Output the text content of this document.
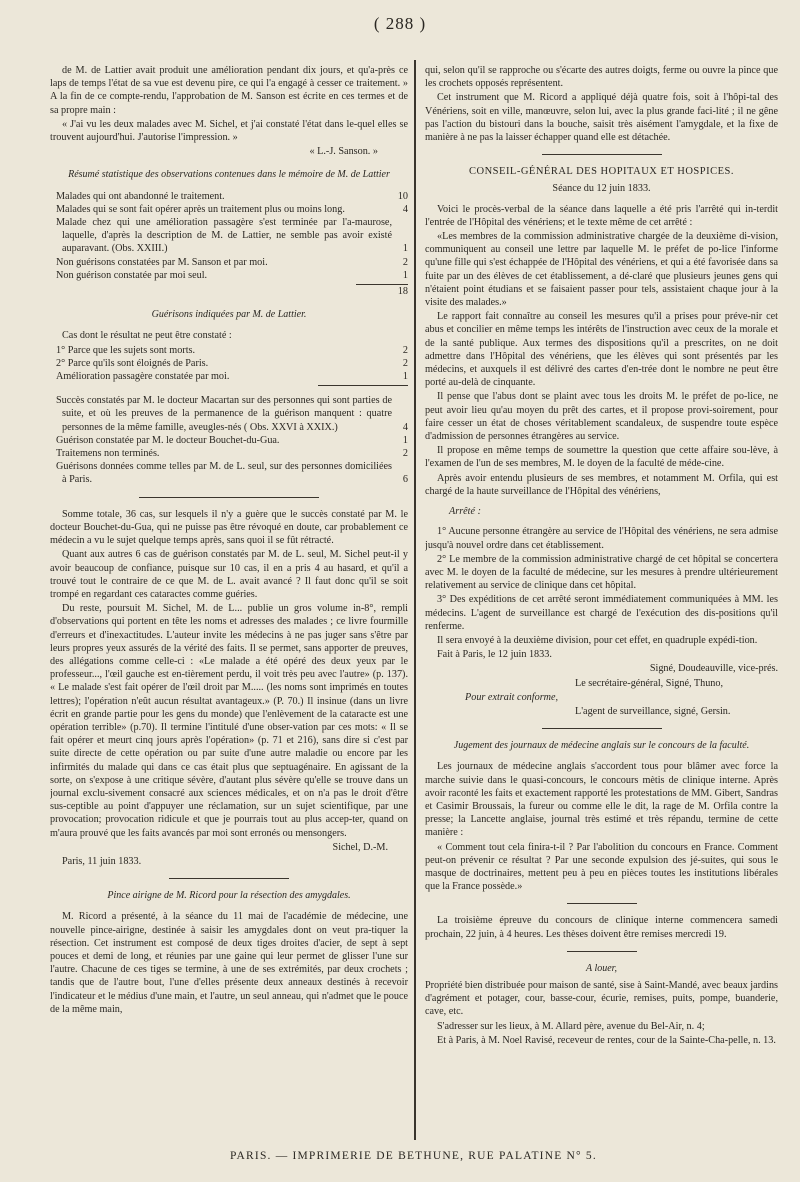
( 288 )

de M. de Lattier avait produit une amélioration pendant dix jours, et qu'a-près ce laps de temps l'état de sa vue est devenu pire, ce qui l'a engagé à cesser ce traitement. » A la fin de ce compte-rendu, l'approbation de M. Sanson est écrite en ces termes et de sa propre main :

« J'ai vu les deux malades avec M. Sichel, et j'ai constaté l'état dans le-quel elles se trouvent aujourd'hui. J'autorise l'impression. »

« L.-J. Sanson. »

Résumé statistique des observations contenues dans le mémoire de M. de Lattier
Malades qui ont abandonné le traitement.	10
Malades qui se sont fait opérer après un traitement plus ou moins long.	4
Malade chez qui une amélioration passagère s'est terminée par l'a-maurose, laquelle, d'après la description de M. de Lattier, ne semble pas avoir existé auparavant. (Obs. XXIII.)	1
Non guérisons constatées par M. Sanson et par moi.	2
Non guérison constatée par moi seul.	1
18
Guérisons indiquées par M. de Lattier.

Cas dont le résultat ne peut être constaté :

1° Parce que les sujets sont morts.	2
2° Parce qu'ils sont éloignés de Paris.	2
Amélioration passagère constatée par moi.	1
Succès constatés par M. le docteur Macartan sur des personnes qui sont parties de suite, et où les preuves de la permanence de la guérison manquent : quatre personnes de la même famille, aveugles-nés ( Obs. XXVI à XXIX.)	4
Guérison constatée par M. le docteur Bouchet-du-Gua.	1
Traitemens non terminés.	2
Guérisons données comme telles par M. de L. seul, sur des personnes domiciliées à Paris.	6

Somme totale, 36 cas, sur lesquels il n'y a guère que le succès constaté par M. le docteur Bouchet-du-Gua, qui ne puisse pas être révoqué en doute, car probablement ce médecin a vu le sujet quelque temps après, sans quoi il se fût rétracté.

Quant aux autres 6 cas de guérison constatés par M. de L. seul, M. Sichel peut-il y avoir beaucoup de confiance, puisque sur 10 cas, il en a pris 4 au hasard, et qu'il a trouvé tout le contraire de ce que M. de L. avait avancé ? Il faut donc qu'il se soit trompé en regardant ces cataractes comme guéries.

Du reste, poursuit M. Sichel, M. de L... publie un gros volume in-8°, rempli d'observations qui portent en tête les noms et adresses des malades ; ce livre fourmille d'erreurs et d'inexactitudes. L'auteur invite les médecins à ne pas juger sans s'être par leurs propres yeux assurés de la vérité des faits. Il se permet, sans apporter de preuves, des allégations comme celle-ci : «Le malade a été opéré des deux yeux par le professeur..., l'œil gauche est en-tièrement perdu, il voit très peu avec l'autre» (p. 137). « Le malade s'est fait opérer de l'œil droit par M..... (les noms sont imprimés en toutes lettres); l'opération n'eût aucun résultat avantageux.» (P. 70.) Il insinue (dans un livre écrit en grande partie pour les gens du monde) que l'enlèvement de la cataracte est une opération terrible» (p.70). Il termine l'intitulé d'une obser-vation par ces mots: « Il se fait opérer et meurt cinq jours après l'opération» (p. 71 et 216), sans dire si c'est par suite directe de cette opération ou par suite d'une autre maladie ou encore par les infirmités du malade qui dans ce cas était plus que septuagénaire. En agissant de la sorte, on s'expose à une critique sévère, d'autant plus sévère qu'elle se trouve dans un journal exclu-sivement consacré aux sciences médicales, et on n'a pas le droit d'être sus-ceptible au point d'appuyer une réclamation, sur un sujet scientifique, par une provocation; provocation ridicule et que je pourrais tout au plus accep-ter, quand on m'aura prouvé que les faits avancés par moi sont erronés ou mensongers.

Sichel, D.-M.

Paris, 11 juin 1833.

Pince airigne de M. Ricord pour la résection des amygdales.

M. Ricord a présenté, à la séance du 11 mai de l'académie de médecine, une nouvelle pince-airigne, destinée à saisir les amygdales dont on veut pra-tiquer la résection. Cet instrument est composé de deux tiges droites d'acier, de sept à sept pouces et demi de long, et réunies par une gaine qui leur permet de glisser l'une sur l'autre. Chacune de ces tiges se termine, à une de ses extrémités, par deux crochets ; tandis que de l'autre bout, l'une d'elles présente deux anneaux destinés à recevoir l'indicateur et le médius d'une main, et l'autre, un seul anneau, qui n'admet que le pouce de la même main,

qui, selon qu'il se rapproche ou s'écarte des autres doigts, ferme ou ouvre la pince que les crochets opposés représentent.

Cet instrument que M. Ricord a appliqué déjà quatre fois, soit à l'hôpi-tal des Vénériens, soit en ville, manœuvre, selon lui, avec la plus grande faci-lité ; il ne gêne pas l'action du bistouri dans la bouche, saisit très aisément l'amygdale, et la fixe de manière à ne pas la laisser échapper quand elle est détachée.

CONSEIL-GÉNÉRAL DES HOPITAUX ET HOSPICES.

Séance du 12 juin 1833.

Voici le procès-verbal de la séance dans laquelle a été pris l'arrêté qui in-terdit l'entrée de l'Hôpital des vénériens; et le texte même de cet arrêté :

«Les membres de la commission administrative chargée de la deuxième di-vision, communiquent au conseil une lettre par laquelle M. le préfet de po-lice l'informe qu'une fille qui s'est échappée de l'Hôpital des vénériens, et qui a été favorisée dans sa fuite par un des élèves de cet établissement, a dé-claré que plusieurs jeunes gens qui n'étaient point étudians et se faisaient passer pour tels, assistaient chaque jour à la visite des malades.»

Le rapport fait connaître au conseil les mesures qu'il a prises pour préve-nir cet abus et concilier en même temps les intérêts de l'instruction avec ceux de la morale et de la santé publique. Aux termes des dispositions qu'il a prescrites, on ne doit admettre dans l'Hôpital des vénériens, que les élèves qui sont présentés par les médecins, et auxquels il est délivré des cartes d'en-trée dont le nombre ne peut être porté au-delà de cinquante.

Il pense que l'abus dont se plaint avec tous les droits M. le préfet de po-lice, ne peut avoir lieu qu'au moyen du prêt des cartes, et il propose provi-soirement, pour faire cesser un état de choses véritablement scandaleux, de suspendre toute espèce d'admission de personnes étrangères au service.

Il propose en même temps de soumettre la question que cette affaire sou-lève, à l'examen de l'un de ses membres, M. le doyen de la faculté de méde-cine.

Après avoir entendu plusieurs de ses membres, et notamment M. Orfila, qui est chargé de la haute surveillance de l'Hôpital des vénériens,

Arrêté :

1° Aucune personne étrangère au service de l'Hôpital des vénériens, ne sera admise jusqu'à nouvel ordre dans cet établissement.

2° Le membre de la commission administrative chargé de cet hôpital se concertera avec M. le doyen de la faculté de médecine, sur les mesures à prendre ultérieurement relativement au service de clinique dans cet hôpital.

3° Des expéditions de cet arrêté seront immédiatement communiquées à MM. les médecins. L'agent de surveillance est chargé de l'exécution des dis-positions qu'il renferme.

Il sera envoyé à la deuxième division, pour cet effet, en quadruple expédi-tion.

Fait à Paris, le 12 juin 1833.

Signé, Doudeauville, vice-prés.

Le secrétaire-général, Signé, Thuno,

Pour extrait conforme,

L'agent de surveillance, signé, Gersin.

Jugement des journaux de médecine anglais sur le concours de la faculté.

Les journaux de médecine anglais s'accordent tous pour blâmer avec force la marche suivie dans le quasi-concours, le concours mètis de clinique interne. Après avoir raconté les faits et exactement rapporté les protestations de MM. Gibert, Sandras et Casimir Broussais, la fureur ou comme elle le dit, la rage de M. Orfila contre la presse; la Lancette anglaise, journal très estimé et très répandu, termine de cette manière :

« Comment tout cela finira-t-il ? Par l'abolition du concours en France. Comment peut-on prévenir ce résultat ? Par une seconde expulsion des jé-suites, qui sous le masque de doctrinaires, mettent peu à peu en pièces toutes les institutions libérales que la France possède.»

La troisième épreuve du concours de clinique interne commencera samedi prochain, 22 juin, à 4 heures. Les thèses doivent être remises mercredi 19.

A louer,

Propriété bien distribuée pour maison de santé, sise à Saint-Mandé, avec beaux jardins d'agrément et potager, cour, basse-cour, écurie, remises, puits, pompe, buanderie, cave, etc.

S'adresser sur les lieux, à M. Allard père, avenue du Bel-Air, n. 4;

Et à Paris, à M. Noel Ravisé, receveur de rentes, cour de la Sainte-Cha-pelle, n. 13.

PARIS. — IMPRIMERIE DE BETHUNE, RUE PALATINE N° 5.
